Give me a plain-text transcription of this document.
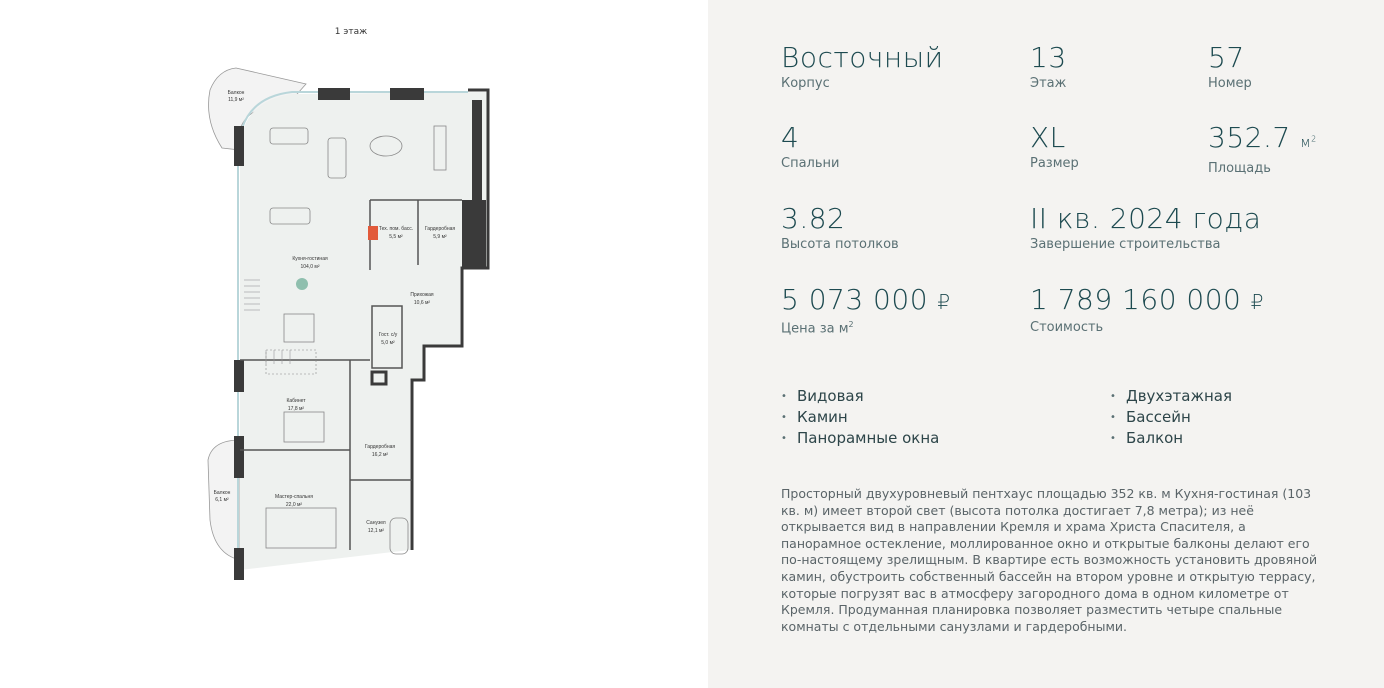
1 этаж
Балкон
11,9 м²
Кухня-гостиная
104,0 м²
Тех. пом. басс.
5,5 м²
Гардеробная
5,9 м²
Прихожая
10,6 м²
Гост. с/у
5,0 м²
Кабинет
17,8 м²
Гардеробная
16,2 м²
Балкон
6,1 м²	Мастер-спальня
22,0 м²
Санузел
12,1 м²
Восточный
Корпус
13
Этаж
57
Номер
4
Спальни
XL
Размер
352.7 $м^2$
Площадь
3.82
Высота потолков
II кв. 2024 года
Завершение строительства
5 073 000 ₽
Цена за $м^2$
1 789 160 000 ₽
Стоимость
• Видовая
• Камин
• Панорамные окна
• Двухэтажная
• Бассейн
• Балкон
Просторный двухуровневый пентхаус площадью 352 кв. м Кухня-гостиная (103 кв. м) имеет второй свет (высота потолка достигает 7,8 метра); из неё открывается вид в направлении Кремля и храма Христа Спасителя, а панорамное остекление, моллированное окно и открытые балконы делают его по-настоящему зрелищным. В квартире есть возможность установить дровяной камин, обустроить собственный бассейн на втором уровне и открытую террасу, которые погрузят вас в атмосферу загородного дома в одном километре от Кремля. Продуманная планировка позволяет разместить четыре спальные комнаты с отдельными санузлами и гардеробными.
